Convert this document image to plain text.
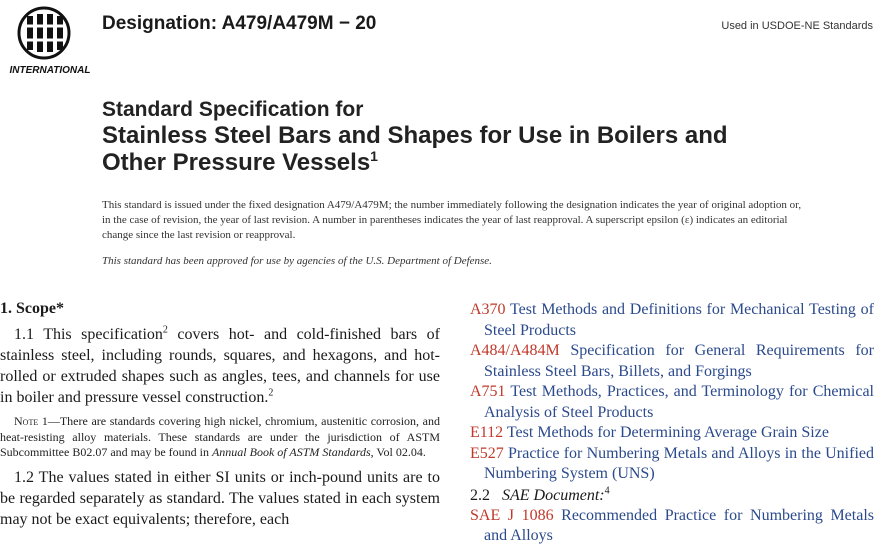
INTERNATIONAL
Designation: A479/A479M − 20	Used in USDOE-NE Standards
Standard Specification for
Stainless Steel Bars and Shapes for Use in Boilers and
Other Pressure Vessels$^1$

This standard is issued under the fixed designation A479/A479M; the number immediately following the designation indicates the year of original adoption or, in the case of revision, the year of last revision. A number in parentheses indicates the year of last reapproval. A superscript epsilon (ε) indicates an editorial change since the last revision or reapproval.

This standard has been approved for use by agencies of the U.S. Department of Defense.

1. Scope*

1.1 This specification$^2$ covers hot- and cold-finished bars of stainless steel, including rounds, squares, and hexagons, and hot-rolled or extruded shapes such as angles, tees, and channels for use in boiler and pressure vessel construction.$^2$

Note 1—There are standards covering high nickel, chromium, austenitic corrosion, and heat-resisting alloy materials. These standards are under the jurisdiction of ASTM Subcommittee B02.07 and may be found in Annual Book of ASTM Standards, Vol 02.04.

1.2 The values stated in either SI units or inch-pound units are to be regarded separately as standard. The values stated in each system may not be exact equivalents; therefore, each

A370 Test Methods and Definitions for Mechanical Testing of Steel Products

A484/A484M Specification for General Requirements for Stainless Steel Bars, Billets, and Forgings

A751 Test Methods, Practices, and Terminology for Chemical Analysis of Steel Products

E112 Test Methods for Determining Average Grain Size

E527 Practice for Numbering Metals and Alloys in the Unified Numbering System (UNS)

2.2 SAE Document:$^4$

SAE J 1086 Recommended Practice for Numbering Metals and Alloys
